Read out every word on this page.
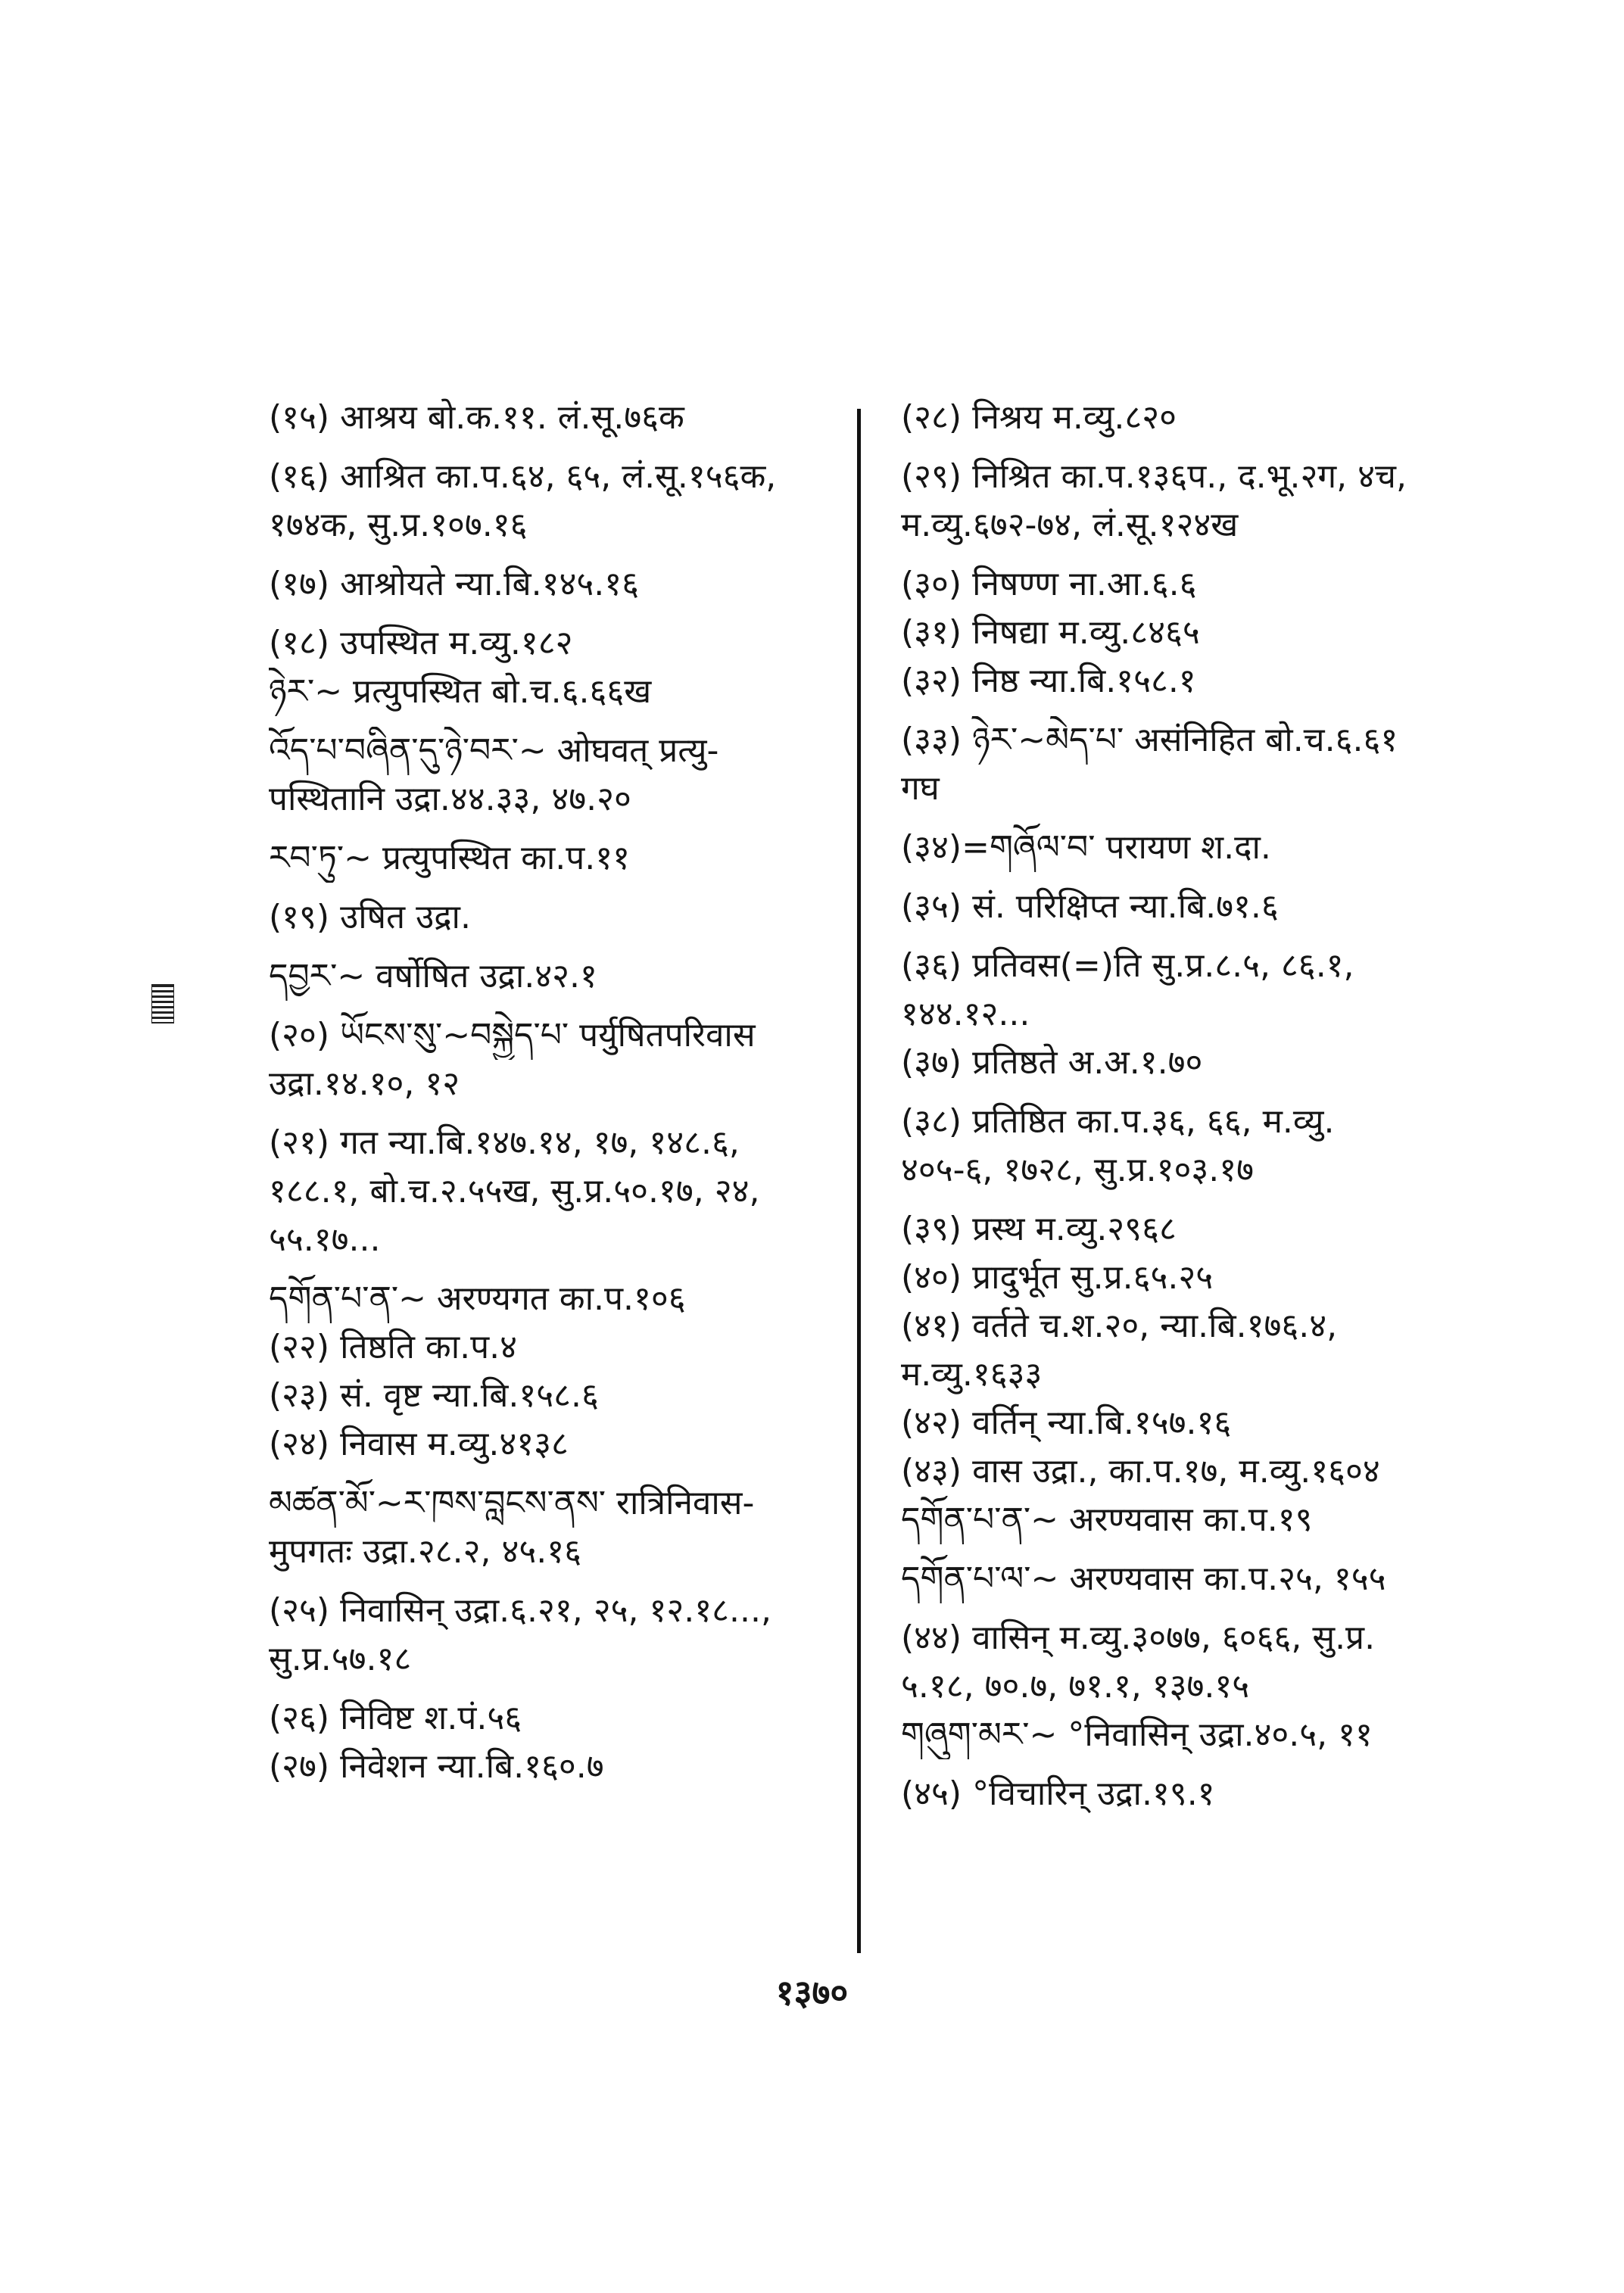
(१५) आश्रय बो.क.११. लं.सू.७६क
(१६) आश्रित का.प.६४, ६५, लं.सू.१५६क,
१७४क, सु.प्र.१०७.१६
(१७) आश्रोयते न्या.बि.१४५.१६
(१८) उपस्थित म.व्यु.१८२
ཉེར་~ प्रत्युपस्थित बो.च.६.६६ख
འོད་པ་བཞིན་དུ་ཉེ་བར་~ ओघवत् प्रत्यु-
पस्थितानि उद्रा.४४.३३, ४७.२०
རབ་ཏུ་~ प्रत्युपस्थित का.प.११
(१९) उषित उद्रा.
དབྱར་~ वर्षोषित उद्रा.४२.१
(२०) ཡོངས་སུ་~བསྐྱེད་པ་ पर्युषितपरिवास
उद्रा.१४.१०, १२
(२१) गत न्या.बि.१४७.१४, १७, १४८.६,
१८८.१, बो.च.२.५५ख, सु.प्र.५०.१७, २४,
५५.१७...
དགོན་པ་ན་~ अरण्यगत का.प.१०६
(२२) तिष्ठति का.प.४
(२३) सं. वृष्ट न्या.बि.१५८.६
(२४) निवास म.व्यु.४१३८
མཚན་མོ་~ར་ཁས་བླངས་ནས་ रात्रिनिवास-
मुपगतः उद्रा.२८.२, ४५.१६
(२५) निवासिन् उद्रा.६.२१, २५, १२.१८...,
सु.प्र.५७.१८
(२६) निविष्ट श.पं.५६
(२७) निवेशन न्या.बि.१६०.७
(२८) निश्रय म.व्यु.८२०
(२९) निश्रित का.प.१३६प., द.भू.२ग, ४च,
म.व्यु.६७२-७४, लं.सू.१२४ख
(३०) निषण्ण ना.आ.६.६
(३१) निषद्या म.व्यु.८४६५
(३२) निष्ठ न्या.बि.१५८.१
(३३) ཉེར་~མེད་པ་ असंनिहित बो.च.६.६१
गघ
(३४)=གཞོལ་བ་ परायण श.दा.
(३५) सं. परिक्षिप्त न्या.बि.७१.६
(३६) प्रतिवस(=)ति सु.प्र.८.५, ८६.१,
१४४.१२...
(३७) प्रतिष्ठते अ.अ.१.७०
(३८) प्रतिष्ठित का.प.३६, ६६, म.व्यु.
४०५-६, १७२८, सु.प्र.१०३.१७
(३९) प्रस्थ म.व्यु.२९६८
(४०) प्रादुर्भूत सु.प्र.६५.२५
(४१) वर्तते च.श.२०, न्या.बि.१७६.४,
म.व्यु.१६३३
(४२) वर्तिन् न्या.बि.१५७.१६
(४३) वास उद्रा., का.प.१७, म.व्यु.१६०४
དགོན་པ་ན་~ अरण्यवास का.प.१९
དགོན་པ་ལ་~ अरण्यवास का.प.२५, १५५
(४४) वासिन् म.व्यु.३०७७, ६०६६, सु.प्र.
५.१८, ७०.७, ७१.१, १३७.१५
གཞུག་མར་~ °निवासिन् उद्रा.४०.५, ११
(४५) °विचारिन् उद्रा.१९.१
१३७०
